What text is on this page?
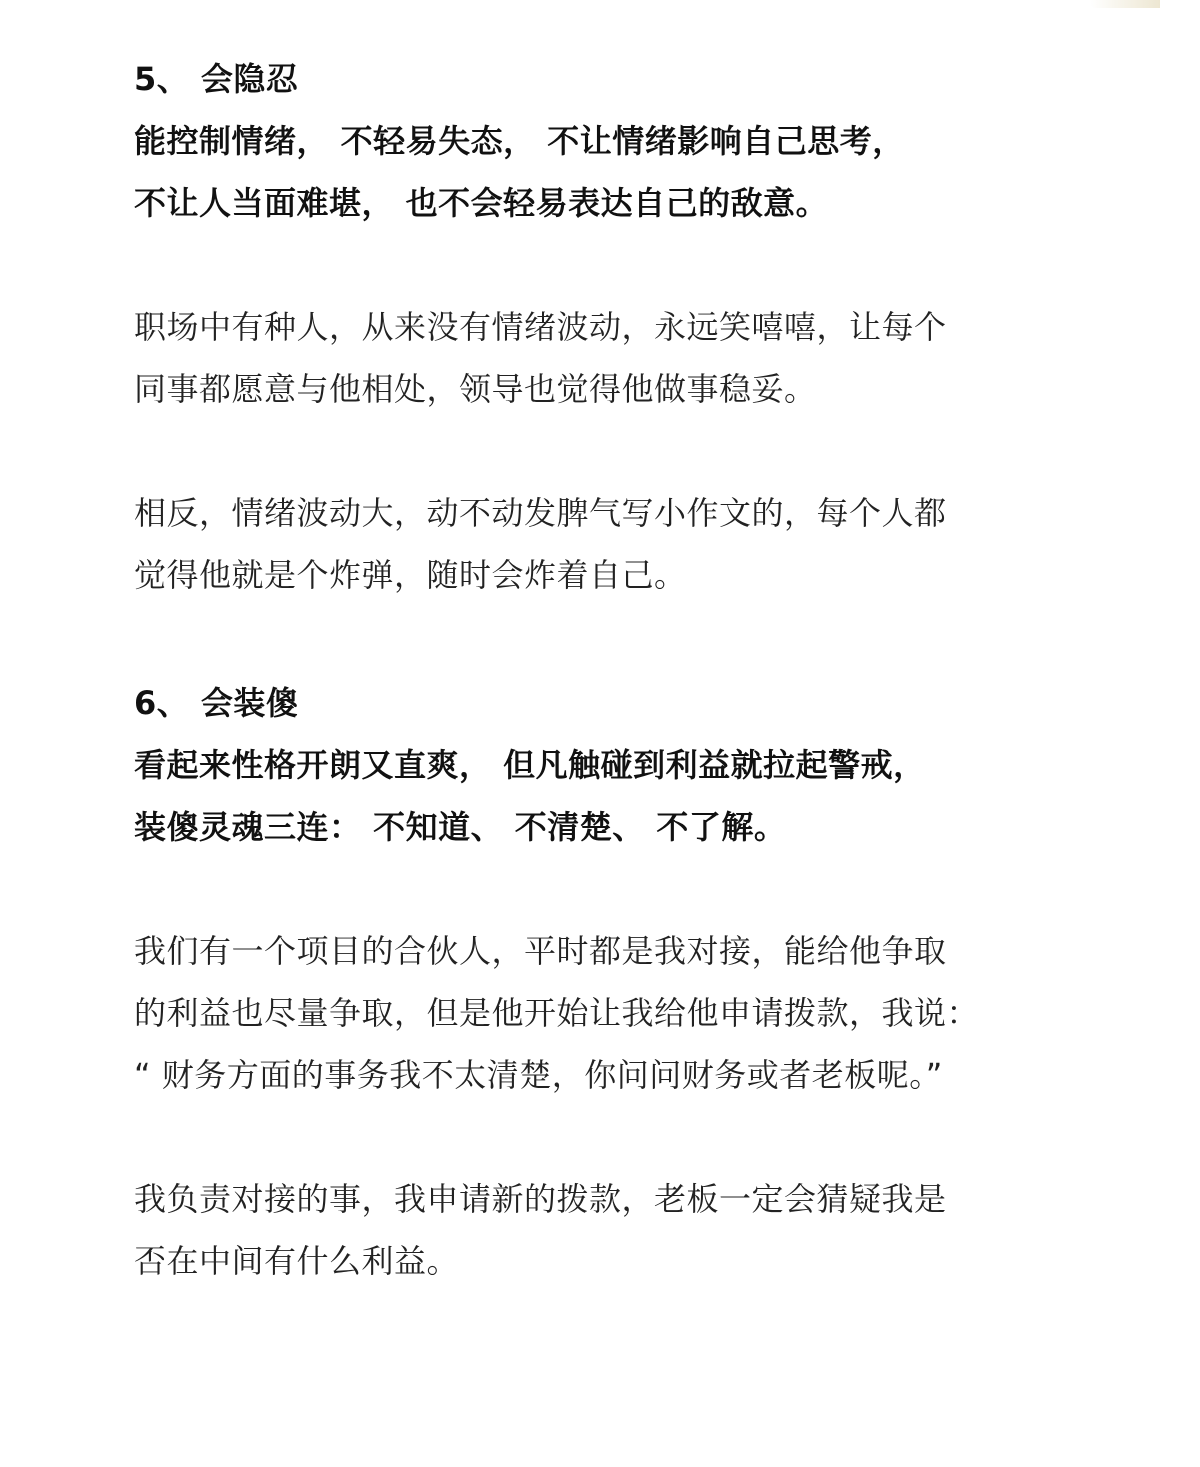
5、 会隐忍
能控制情绪， 不轻易失态， 不让情绪影响自己思考，
不让人当面难堪， 也不会轻易表达自己的敌意。
职场中有种人，从来没有情绪波动，永远笑嘻嘻，让每个
同事都愿意与他相处，领导也觉得他做事稳妥。
相反，情绪波动大，动不动发脾气写小作文的，每个人都
觉得他就是个炸弹，随时会炸着自己。
6、 会装傻
看起来性格开朗又直爽， 但凡触碰到利益就拉起警戒，
装傻灵魂三连： 不知道、 不清楚、 不了解。
我们有一个项目的合伙人，平时都是我对接，能给他争取
的利益也尽量争取，但是他开始让我给他申请拨款，我说：
“ 财务方面的事务我不太清楚，你问问财务或者老板呢。”
我负责对接的事，我申请新的拨款，老板一定会猜疑我是
否在中间有什么利益。
